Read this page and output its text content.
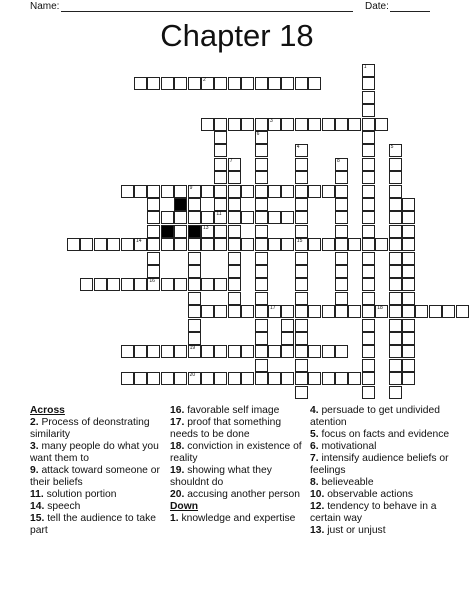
Name:	Date:
Chapter 18
1
2
3
4
15
5
6
7	8
9
11
13
14
16
17	18
19
20
Across
2. Process of deonstrating similarity
3. many people do what you want them to
9. attack toward someone or their beliefs
11. solution portion
14. speech
15. tell the audience to take part
16. favorable self image
17. proof that something needs to be done
18. conviction in existence of reality
19. showing what they shouldnt do
20. accusing another person
Down
1. knowledge and expertise
4. persuade to get undivided atention
5. focus on facts and evidence
6. motivational
7. intensify audience beliefs or feelings
8. believeable
10. observable actions
12. tendency to behave in a certain way
13. just or unjust
